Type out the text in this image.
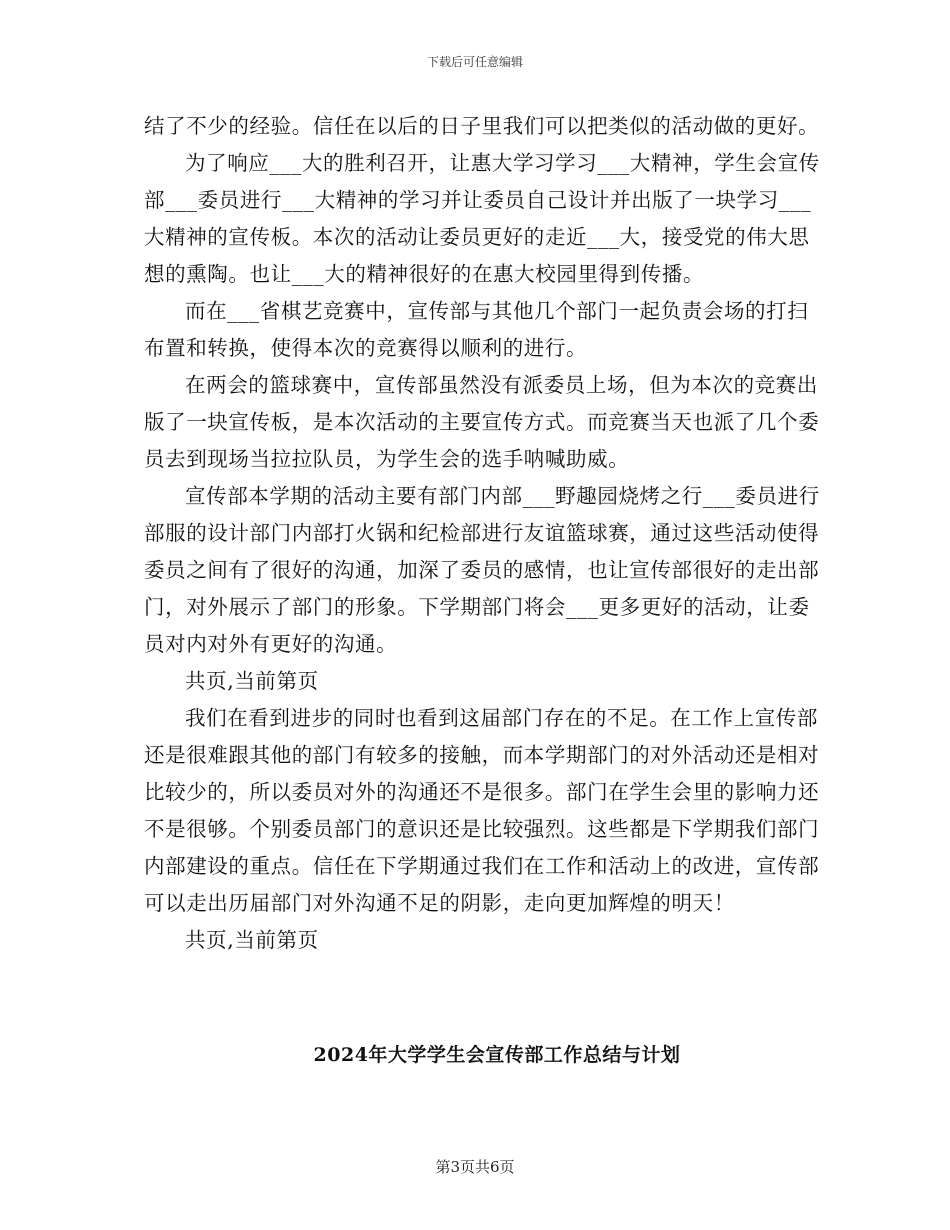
下载后可任意编辑

结了不少的经验。信任在以后的日子里我们可以把类似的活动做的更好。

为了响应___大的胜利召开，让惠大学习学习___大精神，学生会宣传部___委员进行___大精神的学习并让委员自己设计并出版了一块学习___大精神的宣传板。本次的活动让委员更好的走近___大，接受党的伟大思想的熏陶。也让___大的精神很好的在惠大校园里得到传播。

而在___省棋艺竞赛中，宣传部与其他几个部门一起负责会场的打扫布置和转换，使得本次的竞赛得以顺利的进行。

在两会的篮球赛中，宣传部虽然没有派委员上场，但为本次的竞赛出版了一块宣传板，是本次活动的主要宣传方式。而竞赛当天也派了几个委员去到现场当拉拉队员，为学生会的选手呐喊助威。

宣传部本学期的活动主要有部门内部___野趣园烧烤之行___委员进行部服的设计部门内部打火锅和纪检部进行友谊篮球赛，通过这些活动使得委员之间有了很好的沟通，加深了委员的感情，也让宣传部很好的走出部门，对外展示了部门的形象。下学期部门将会___更多更好的活动，让委员对内对外有更好的沟通。

共页,当前第页

我们在看到进步的同时也看到这届部门存在的不足。在工作上宣传部还是很难跟其他的部门有较多的接触，而本学期部门的对外活动还是相对比较少的，所以委员对外的沟通还不是很多。部门在学生会里的影响力还不是很够。个别委员部门的意识还是比较强烈。这些都是下学期我们部门内部建设的重点。信任在下学期通过我们在工作和活动上的改进，宣传部可以走出历届部门对外沟通不足的阴影，走向更加辉煌的明天！

共页,当前第页

2024年大学学生会宣传部工作总结与计划
第3页共6页
